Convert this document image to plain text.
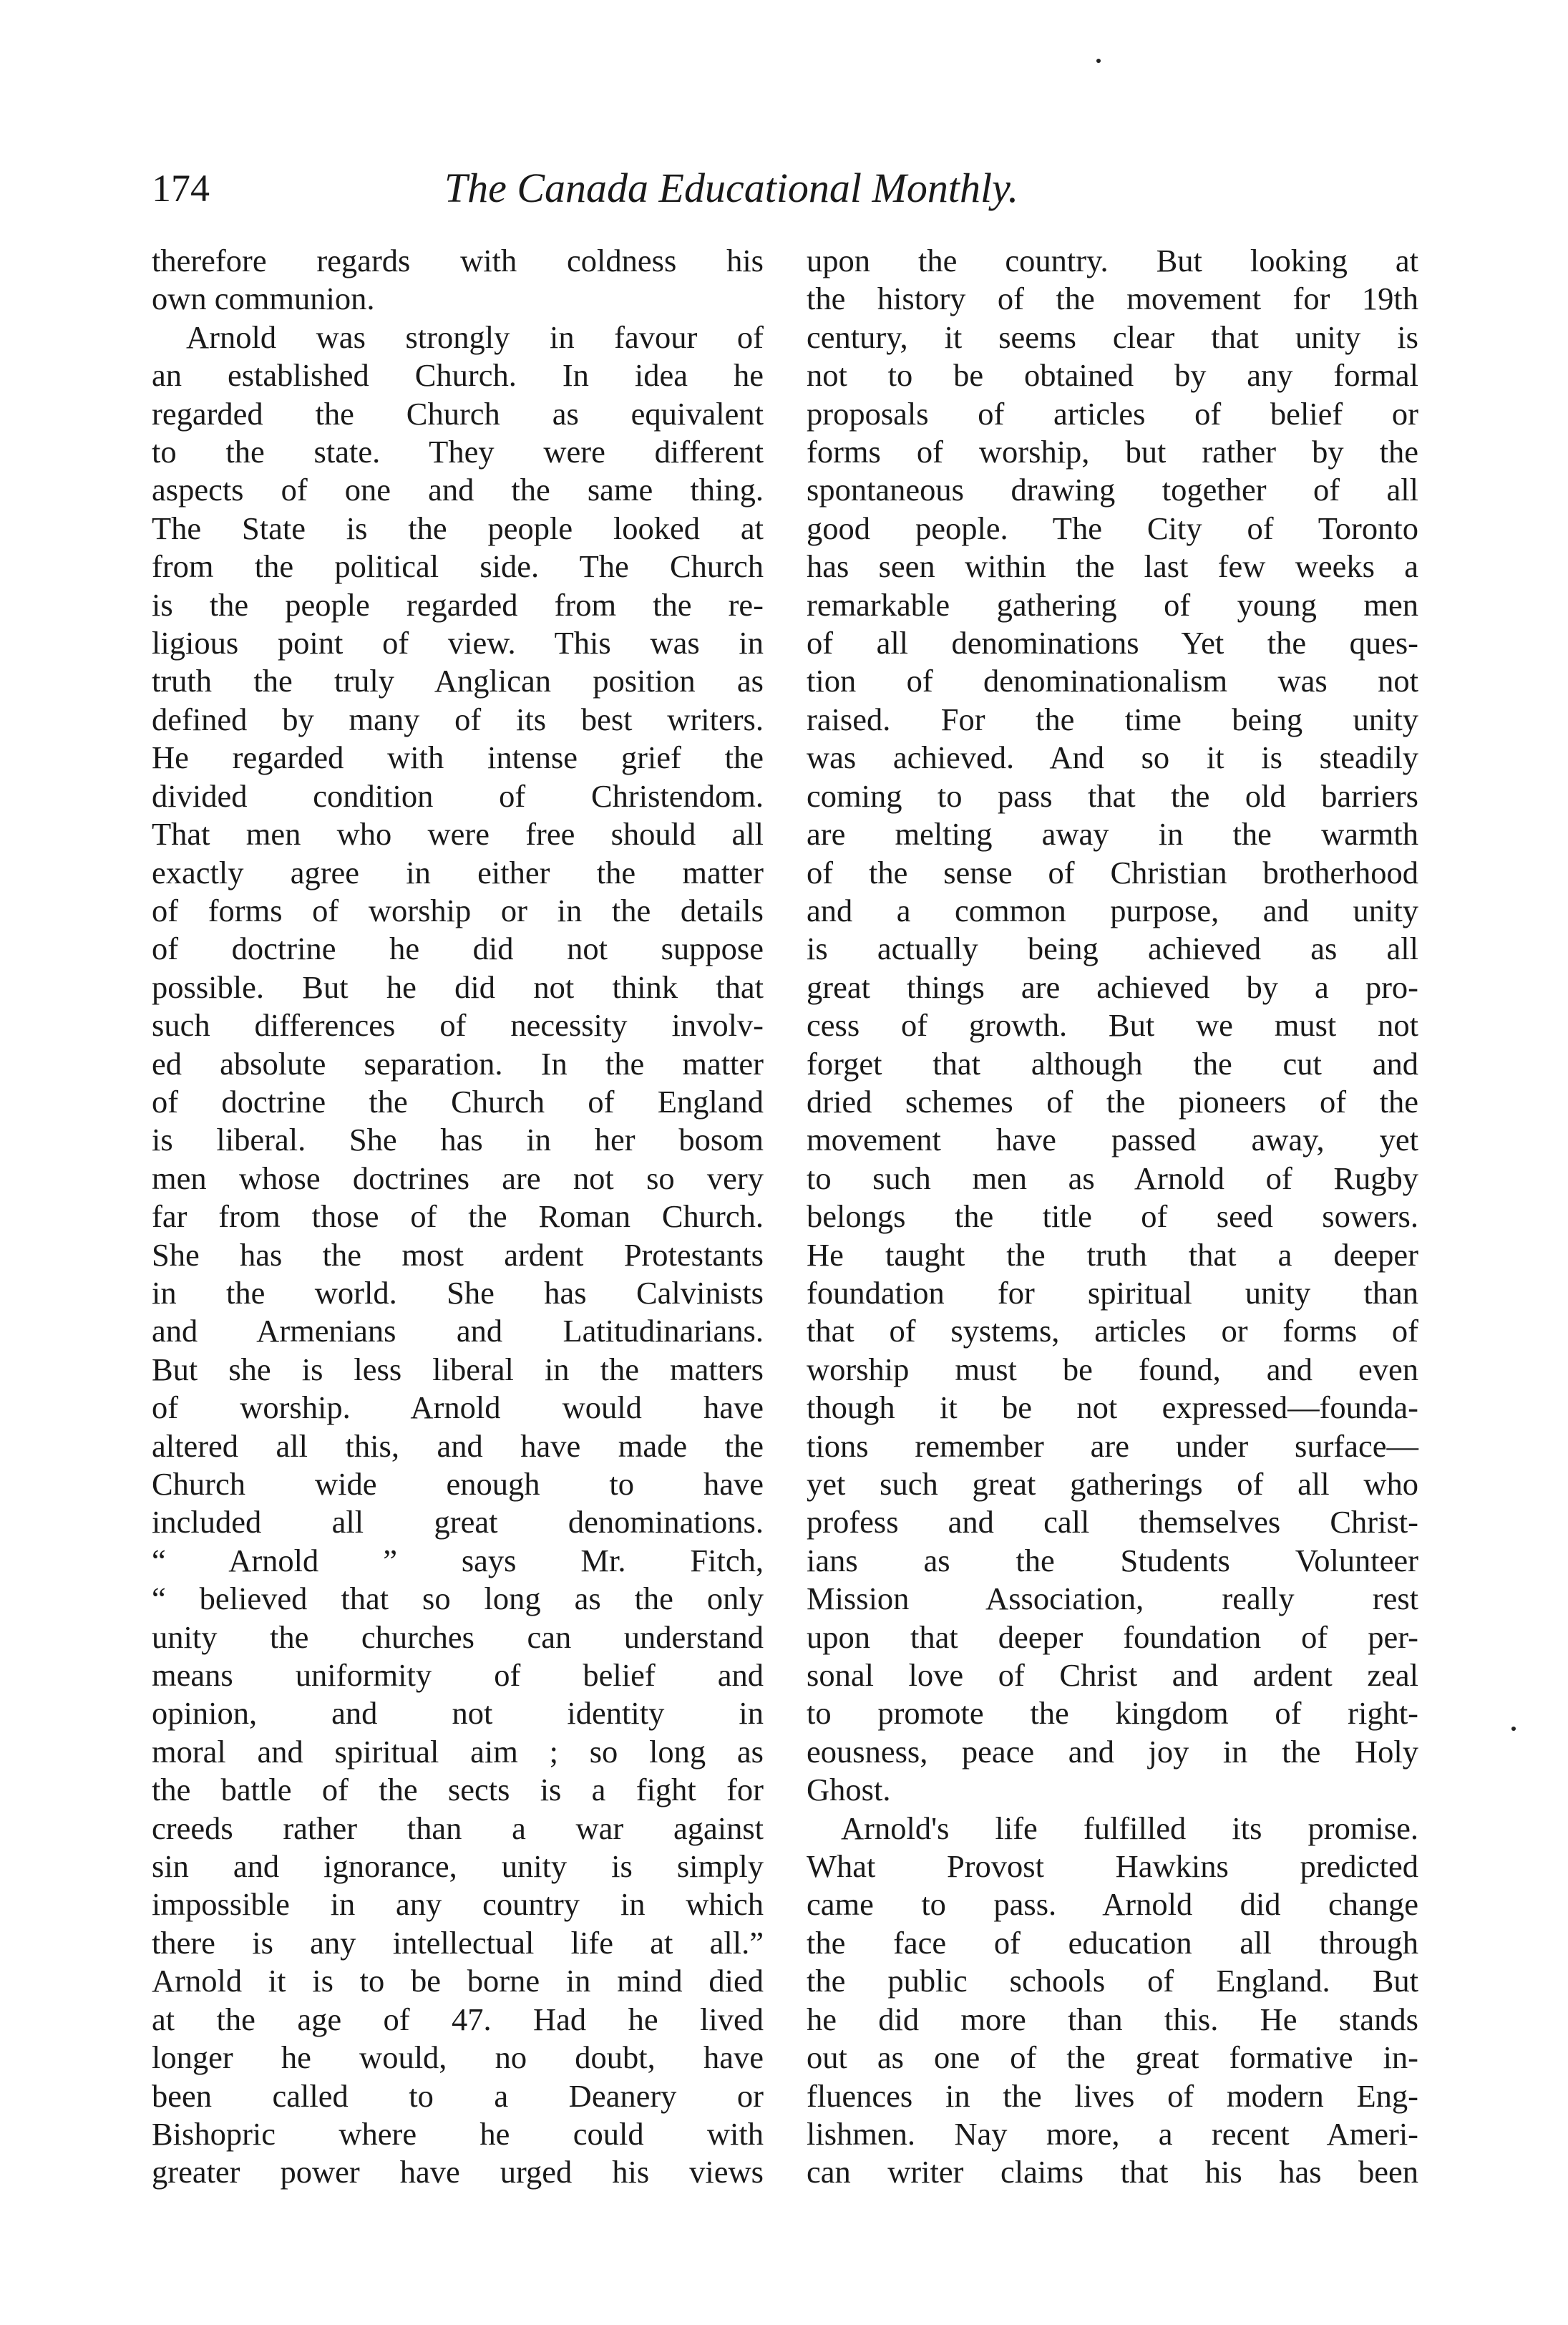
174	The Canada Educational Monthly.
therefore regards with coldness his
own communion.
Arnold was strongly in favour of
an established Church. In idea he
regarded the Church as equivalent
to the state. They were different
aspects of one and the same thing.
The State is the people looked at
from the political side. The Church
is the people regarded from the re-
ligious point of view. This was in
truth the truly Anglican position as
defined by many of its best writers.
He regarded with intense grief the
divided condition of Christendom.
That men who were free should all
exactly agree in either the matter
of forms of worship or in the details
of doctrine he did not suppose
possible. But he did not think that
such differences of necessity involv-
ed absolute separation. In the matter
of doctrine the Church of England
is liberal. She has in her bosom
men whose doctrines are not so very
far from those of the Roman Church.
She has the most ardent Protestants
in the world. She has Calvinists
and Armenians and Latitudinarians.
But she is less liberal in the matters
of worship. Arnold would have
altered all this, and have made the
Church wide enough to have
included all great denominations.
“ Arnold ” says Mr. Fitch,
“ believed that so long as the only
unity the churches can understand
means uniformity of belief and
opinion, and not identity in
moral and spiritual aim ; so long as
the battle of the sects is a fight for
creeds rather than a war against
sin and ignorance, unity is simply
impossible in any country in which
there is any intellectual life at all.”
Arnold it is to be borne in mind died
at the age of 47. Had he lived
longer he would, no doubt, have
been called to a Deanery or
Bishopric where he could with
greater power have urged his views
upon the country. But looking at
the history of the movement for 19th
century, it seems clear that unity is
not to be obtained by any formal
proposals of articles of belief or
forms of worship, but rather by the
spontaneous drawing together of all
good people. The City of Toronto
has seen within the last few weeks a
remarkable gathering of young men
of all denominations Yet the ques-
tion of denominationalism was not
raised. For the time being unity
was achieved. And so it is steadily
coming to pass that the old barriers
are melting away in the warmth
of the sense of Christian brotherhood
and a common purpose, and unity
is actually being achieved as all
great things are achieved by a pro-
cess of growth. But we must not
forget that although the cut and
dried schemes of the pioneers of the
movement have passed away, yet
to such men as Arnold of Rugby
belongs the title of seed sowers.
He taught the truth that a deeper
foundation for spiritual unity than
that of systems, articles or forms of
worship must be found, and even
though it be not expressed—founda-
tions remember are under surface—
yet such great gatherings of all who
profess and call themselves Christ-
ians as the Students Volunteer
Mission Association, really rest
upon that deeper foundation of per-
sonal love of Christ and ardent zeal
to promote the kingdom of right-
eousness, peace and joy in the Holy
Ghost.
Arnold's life fulfilled its promise.
What Provost Hawkins predicted
came to pass. Arnold did change
the face of education all through
the public schools of England. But
he did more than this. He stands
out as one of the great formative in-
fluences in the lives of modern Eng-
lishmen. Nay more, a recent Ameri-
can writer claims that his has been
